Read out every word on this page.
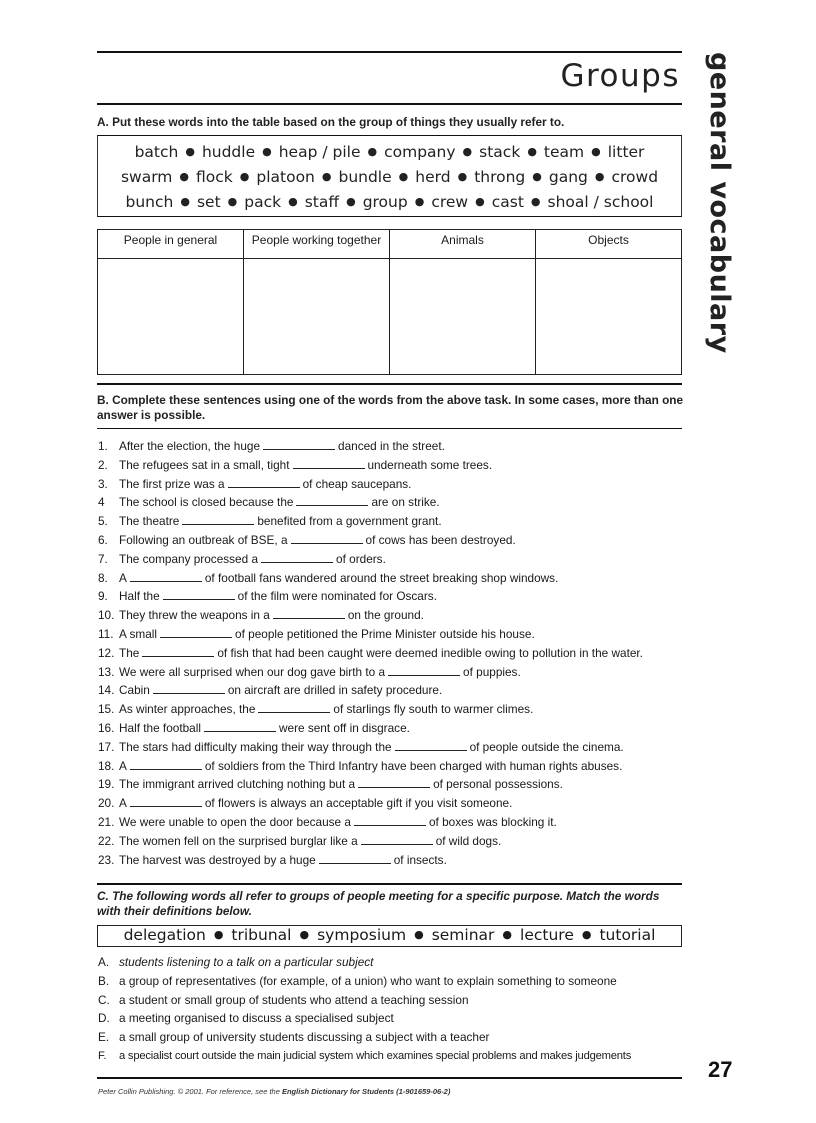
Groups general vocabulary
A. Put these words into the table based on the group of things they usually refer to.
batch ● huddle ● heap / pile ● company ● stack ● team ● litter
swarm ● flock ● platoon ● bundle ● herd ● throng ● gang ● crowd
bunch ● set ● pack ● staff ● group ● crew ● cast ● shoal / school
People in general	People working together	Animals	Objects

B. Complete these sentences using one of the words from the above task. In some cases, more than one answer is possible.
1. After the election, the huge	danced in the street.
2. The refugees sat in a small, tight	underneath some trees.
3. The first prize was a	of cheap saucepans.
4 The school is closed because the	are on strike.
5. The theatre	benefited from a government grant.
6. Following an outbreak of BSE, a	of cows has been destroyed.
7. The company processed a	of orders.
8. A	of football fans wandered around the street breaking shop windows.
9. Half the	of the film were nominated for Oscars.
10. They threw the weapons in a	on the ground.
11. A small	of people petitioned the Prime Minister outside his house.
12. The	of fish that had been caught were deemed inedible owing to pollution in the water.
13. We were all surprised when our dog gave birth to a	of puppies.
14. Cabin	on aircraft are drilled in safety procedure.
15. As winter approaches, the	of starlings fly south to warmer climes.
16. Half the football	were sent off in disgrace.
17. The stars had difficulty making their way through the	of people outside the cinema.
18. A	of soldiers from the Third Infantry have been charged with human rights abuses.
19. The immigrant arrived clutching nothing but a	of personal possessions.
20. A	of flowers is always an acceptable gift if you visit someone.
21. We were unable to open the door because a	of boxes was blocking it.
22. The women fell on the surprised burglar like a	of wild dogs.
23. The harvest was destroyed by a huge	of insects.
C. The following words all refer to groups of people meeting for a specific purpose. Match the words with their definitions below.
delegation ● tribunal ● symposium ● seminar ● lecture ● tutorial
A. students listening to a talk on a particular subject
B. a group of representatives (for example, of a union) who want to explain something to someone
C. a student or small group of students who attend a teaching session
D. a meeting organised to discuss a specialised subject
E. a small group of university students discussing a subject with a teacher
F. a specialist court outside the main judicial system which examines special problems and makes judgements
27
Peter Collin Publishing. © 2001. For reference, see the English Dictionary for Students (1-901659-06-2)
